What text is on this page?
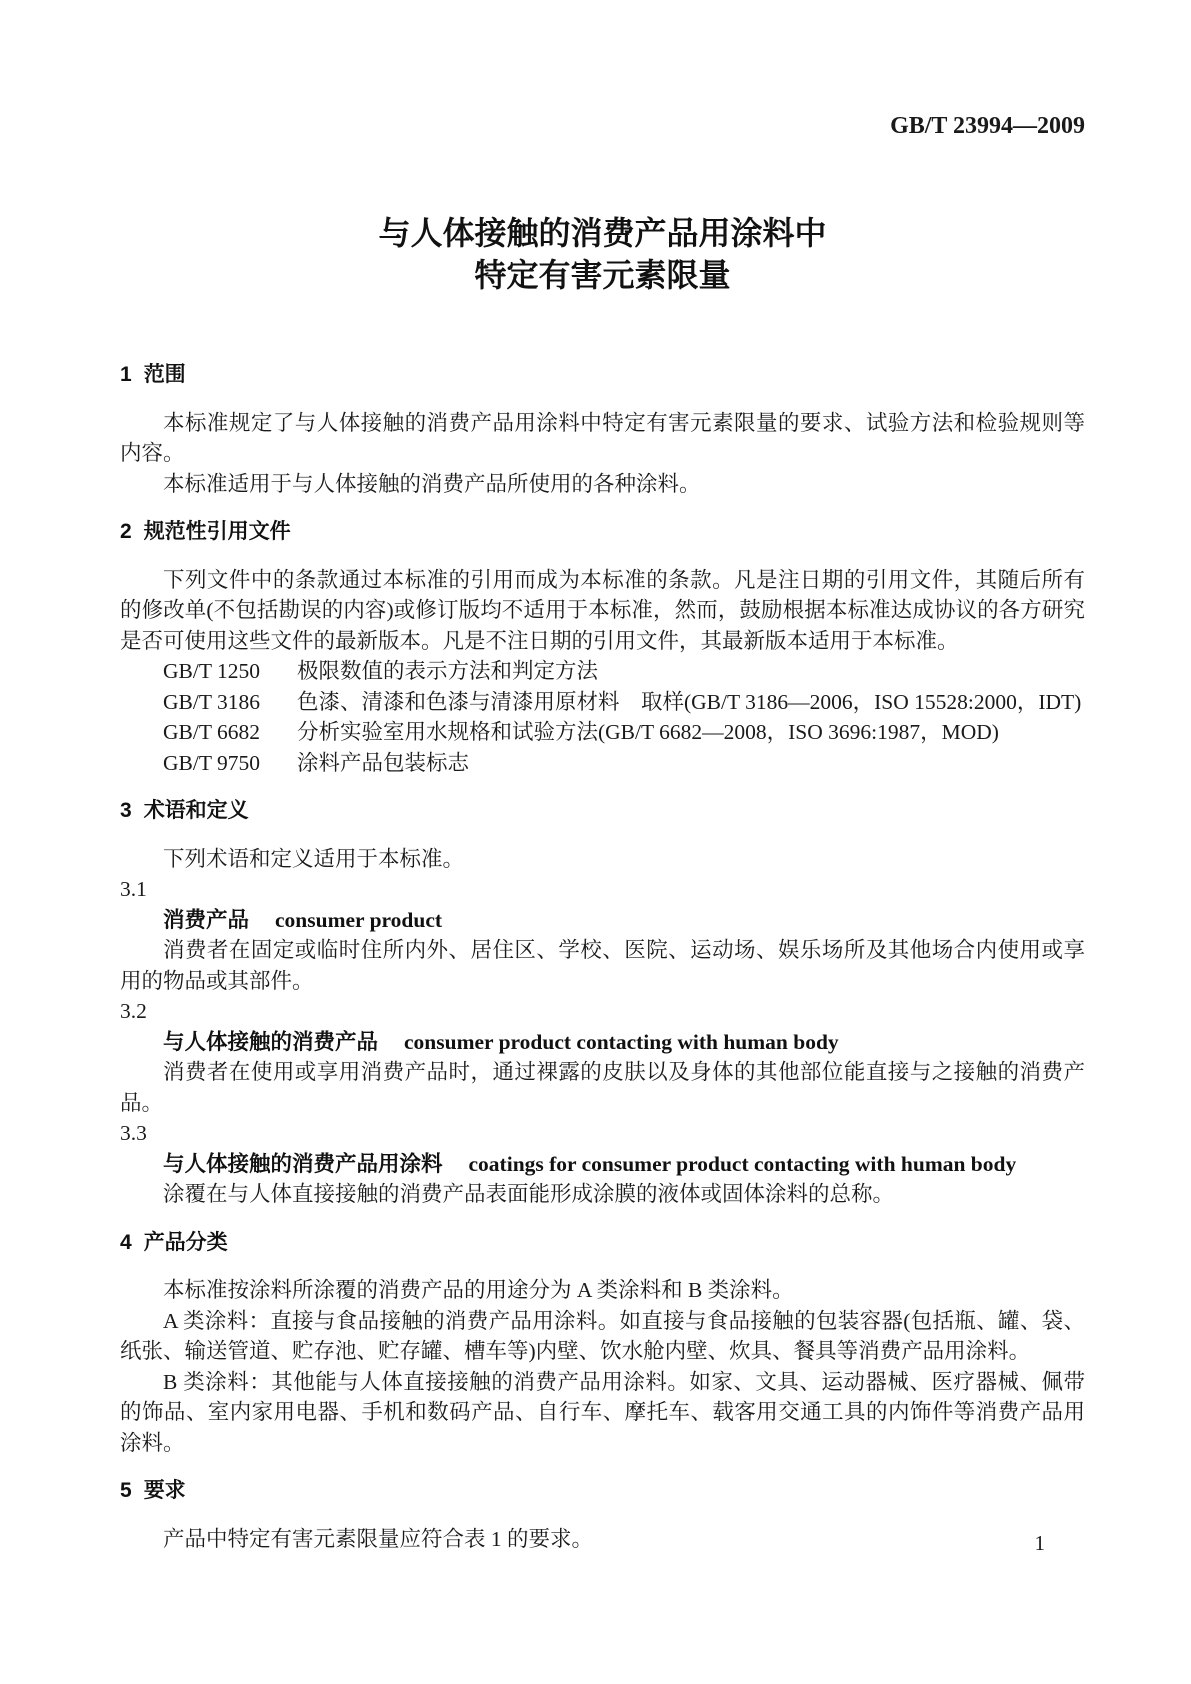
GB/T 23994—2009
与人体接触的消费产品用涂料中
特定有害元素限量
1 范围

本标准规定了与人体接触的消费产品用涂料中特定有害元素限量的要求、试验方法和检验规则等内容。

本标准适用于与人体接触的消费产品所使用的各种涂料。

2 规范性引用文件

下列文件中的条款通过本标准的引用而成为本标准的条款。凡是注日期的引用文件，其随后所有的修改单(不包括勘误的内容)或修订版均不适用于本标准，然而，鼓励根据本标准达成协议的各方研究是否可使用这些文件的最新版本。凡是不注日期的引用文件，其最新版本适用于本标准。

GB/T 1250 极限数值的表示方法和判定方法
GB/T 3186 色漆、清漆和色漆与清漆用原材料　取样(GB/T 3186—2006，ISO 15528:2000，IDT)
GB/T 6682 分析实验室用水规格和试验方法(GB/T 6682—2008，ISO 3696:1987，MOD)
GB/T 9750 涂料产品包装标志
3 术语和定义

下列术语和定义适用于本标准。

3.1
消费产品 consumer product

消费者在固定或临时住所内外、居住区、学校、医院、运动场、娱乐场所及其他场合内使用或享用的物品或其部件。

3.2
与人体接触的消费产品 consumer product contacting with human body

消费者在使用或享用消费产品时，通过裸露的皮肤以及身体的其他部位能直接与之接触的消费产品。

3.3
与人体接触的消费产品用涂料 coatings for consumer product contacting with human body

涂覆在与人体直接接触的消费产品表面能形成涂膜的液体或固体涂料的总称。

4 产品分类

本标准按涂料所涂覆的消费产品的用途分为 A 类涂料和 B 类涂料。

A 类涂料：直接与食品接触的消费产品用涂料。如直接与食品接触的包装容器(包括瓶、罐、袋、纸张、输送管道、贮存池、贮存罐、槽车等)内壁、饮水舱内壁、炊具、餐具等消费产品用涂料。

B 类涂料：其他能与人体直接接触的消费产品用涂料。如家、文具、运动器械、医疗器械、佩带的饰品、室内家用电器、手机和数码产品、自行车、摩托车、载客用交通工具的内饰件等消费产品用涂料。

5 要求

产品中特定有害元素限量应符合表 1 的要求。	1
